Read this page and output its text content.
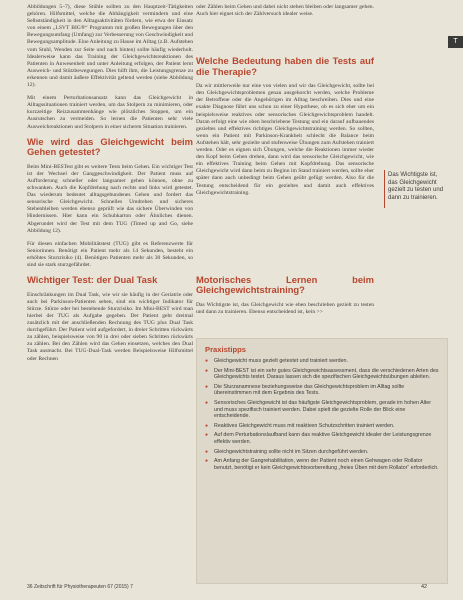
T

Abbildungen 5–7), diese Stühle sollten zu den Hauptzeit-Tätigkeiten gehören. Hilfsmittel, welche die Abhängigkeit vermindern und eine Selbstständigkeit in den Alltagsaktivitäten fördern, wie etwa der Einsatz von einem „LSVT BIG®“ Programm mit großen Bewegungen über den Bewegungsumfang (Umfang) zur Verbesserung von Geschwindigkeit und Bewegungsamplitude. Eine Anleitung zu Hause im Alltag (z.B. Aufstehen vom Stuhl, Wenden zur Seite und nach hinten) sollte häufig wiederholt. Idealerweise kann das Training der Gleichgewichtsreaktionen des Patienten in Anwesenheit und unter Anleitung erfolgen, der Patient lernt Ausweich- und Stützbewegungen. Dies hilft ihm, die Leistungsgrenze zu erkennen und damit äußere Effektivität geltend werden (siehe Abbildung 12).

Mit einem Perturbationsansatz kann das Gleichgewicht in Alltagssituationen trainiert werden, um das Stolpern zu minimieren, oder kurzzeitige Reizzusammenhänge wie plötzliches Stoppen, um ein Ausrutschen zu vermeiden. So lernen die Patienten sehr viele Ausweichreaktionen und Stolpern in einer sicheren Situation trainieren.

Wie wird das Gleichgewicht beim Gehen getestet?

Beim Mini-BESTest gibt es weitere Tests beim Gehen. Ein wichtiger Test ist der Wechsel der Ganggeschwindigkeit. Der Patient muss auf Aufforderung schneller oder langsamer gehen können, ohne zu schwanken. Auch die Kopfdrehung nach rechts und links wird getestet. Das wiederum bedeutet alltagsgebundenes Gehen und fordert das sensorische Gleichgewicht. Schnelles Umdrehen und sicheres Stehenbleiben werden ebenso geprüft wie das sichere Überwinden von Hindernissen. Hier kann ein Schuhkarton oder Ähnliches dienen. Abgerundet wird der Test mit dem TUG (Timed up and Go, siehe Abbildung 12).

Für diesen einfachen Mobilitätstest (TUG) gibt es Referenzwerte für Seniorinnen. Benötigt ein Patient mehr als 14 Sekunden, besteht ein erhöhtes Sturzrisiko (4). Benötigen Patienten mehr als 30 Sekunden, so sind sie stark sturzgefährdet.

Wichtiger Test: der Dual Task

Einschränkungen im Dual Task, wie wir sie häufig in der Geriatrie oder auch bei Parkinson-Patienten sehen, sind ein wichtiger Indikator für Stürze. Stürze oder bei bestehende Sturzrisiko. Im Mini-BEST wird man hierbei der TUG als Aufgabe gegeben. Der Patient geht dreimal zusätzlich mit der anschließenden Rechnung des TUG plus Dual Task durchgeführt. Der Patient wird aufgefordert, in dreier Schritten rückwärts zu zählen, beispielsweise von 90 in drei oder sieben Schritten rückwärts zu zählen. Bei den Zählen wird das Gehen einsetzen, welches den Dual Task ausmacht. Bei TUG-Dual-Task werden Beispielsweise Hilfsmittel oder Rechnen

oder Zählen beim Gehen und dabei nicht stehen bleiben oder langsamer gehen. Auch hier eignet sich der Zählversuch idealer weise.

Welche Bedeutung haben die Tests auf die Therapie?

Da wir mittlerweile nur eine von vielen und wir das Gleichgewicht, sollte bei den Gleichgewichtsproblemen genau ausgehorcht werden, welche Probleme der Betroffene oder die Angehörigen im Alltag beschreiben. Dies und eine exakte Diagnose führt uns schon zu einer Hypothese, ob es sich eher um ein beispielsweise reaktives oder sensorisches Gleichgewichtsproblem handelt. Daran erfolgt eine wie oben beschriebene Testung und ein darauf aufbauendes gezieltes und effektives richtiges Gleichgewichtstraining werden. So sollten, wenn ein Patient mit Parkinson-Krankheit schlecht die Balance beim Aufstehen hält, sehr gezielte und stufenweise Übungen zum Aufstehen trainiert werden. Oder es eignen sich Übungen, welche die Reaktionen immer wieder den Kopf beim Gehen drehen, dann wird das sensorische Gleichgewicht, wie ein effektives Training beim Gehen mit Kopfdrehung. Das sensorische Gleichgewicht wird dann beim zu Beginn im Stand trainiert werden, sollte eher später dann auch unbedingt beim Gehen geübt gefügt werden. Also für die Testung entscheidend für ein gezieltes und damit auch effektives Gleichgewichtstraining.

Motorisches Lernen beim Gleichgewichtstraining?

Das Wichtigste ist, das Gleichgewicht wie eben beschrieben gezielt zu testen und dann zu trainieren. Ebenso entscheidend ist, kein >>

Das Wichtigste ist, das Gleichgewicht gezielt zu testen und dann zu trainieren.
Praxistipps
● Gleichgewicht muss gezielt getestet und trainiert werden.
● Der Mini-BEST ist ein sehr gutes Gleichgewichtsassessment, dass die verschiedenen Arten des Gleichgewichts testet. Daraus lassen sich die spezifischen Gleichgewichtsübungen ableiten.
● Die Sturzanamnese beziehungsweise das Gleichgewichtsproblem im Alltag sollte übereinstimmen mit dem Ergebnis des Tests.
● Sensorisches Gleichgewicht ist das häufigste Gleichgewichtsproblem, gerade im hohen Alter und muss spezifisch trainiert werden. Dabei spielt die gezielte Rolle der Blick eine entscheidende.
● Reaktives Gleichgewicht muss mit reaktiven Schutzschritten trainiert werden.
● Auf dem Perturbationslaufband kann das reaktive Gleichgewicht idealer der Leistungsgrenze effektiv werden.
● Gleichgewichtstraining sollte nicht im Sitzen durchgeführt werden.
● Am Anfang der Gangrehabilitation, wenn der Patient noch einen Gehwagen oder Rollator benutzt, benötigt er kein Gleichgewichtsvorbereitung „freies Üben mit dem Rollator“ erforderlich.
36 Zeitschrift für Physiotherapeuten 67 (2015) 7	42
